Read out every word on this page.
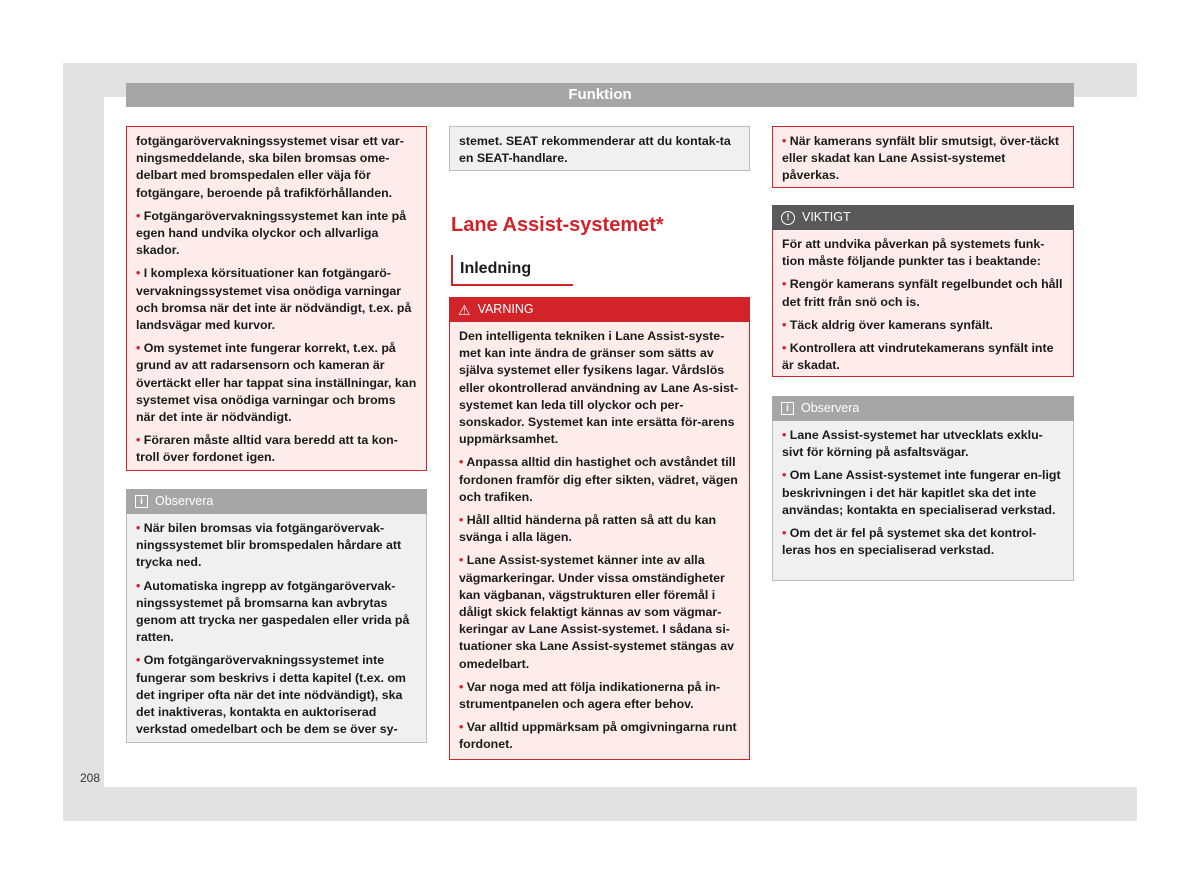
Funktion

fotgängarövervakningssystemet visar ett var-ningsmeddelande, ska bilen bromsas ome-delbart med bromspedalen eller väja för fotgängare, beroende på trafikförhållanden.

• Fotgängarövervakningssystemet kan inte på egen hand undvika olyckor och allvarliga skador.

• I komplexa körsituationer kan fotgängarö-vervakningssystemet visa onödiga varningar och bromsa när det inte är nödvändigt, t.ex. på landsvägar med kurvor.

• Om systemet inte fungerar korrekt, t.ex. på grund av att radarsensorn och kameran är övertäckt eller har tappat sina inställningar, kan systemet visa onödiga varningar och broms när det inte är nödvändigt.

• Föraren måste alltid vara beredd att ta kon-troll över fordonet igen.

i Observera

• När bilen bromsas via fotgängarövervak-ningssystemet blir bromspedalen hårdare att trycka ned.

• Automatiska ingrepp av fotgängarövervak-ningssystemet på bromsarna kan avbrytas genom att trycka ner gaspedalen eller vrida på ratten.

• Om fotgängarövervakningssystemet inte fungerar som beskrivs i detta kapitel (t.ex. om det ingriper ofta när det inte nödvändigt), ska det inaktiveras, kontakta en auktoriserad verkstad omedelbart och be dem se över sy-

stemet. SEAT rekommenderar att du kontak-ta en SEAT-handlare.

Lane Assist-systemet*
Inledning
⚠ VARNING

Den intelligenta tekniken i Lane Assist-syste-met kan inte ändra de gränser som sätts av själva systemet eller fysikens lagar. Vårdslös eller okontrollerad användning av Lane As-sist-systemet kan leda till olyckor och per-sonskador. Systemet kan inte ersätta för-arens uppmärksamhet.

• Anpassa alltid din hastighet och avståndet till fordonen framför dig efter sikten, vädret, vägen och trafiken.

• Håll alltid händerna på ratten så att du kan svänga i alla lägen.

• Lane Assist-systemet känner inte av alla vägmarkeringar. Under vissa omständigheter kan vägbanan, vägstrukturen eller föremål i dåligt skick felaktigt kännas av som vägmar-keringar av Lane Assist-systemet. I sådana si-tuationer ska Lane Assist-systemet stängas av omedelbart.

• Var noga med att följa indikationerna på in-strumentpanelen och agera efter behov.

• Var alltid uppmärksam på omgivningarna runt fordonet.

• När kamerans synfält blir smutsigt, över-täckt eller skadat kan Lane Assist-systemet påverkas.

!	VIKTIGT

För att undvika påverkan på systemets funk-tion måste följande punkter tas i beaktande:

• Rengör kamerans synfält regelbundet och håll det fritt från snö och is.

• Täck aldrig över kamerans synfält.

• Kontrollera att vindrutekamerans synfält inte är skadat.

i Observera

• Lane Assist-systemet har utvecklats exklu-sivt för körning på asfaltsvägar.

• Om Lane Assist-systemet inte fungerar en-ligt beskrivningen i det här kapitlet ska det inte användas; kontakta en specialiserad verkstad.

• Om det är fel på systemet ska det kontrol-leras hos en specialiserad verkstad.

208
